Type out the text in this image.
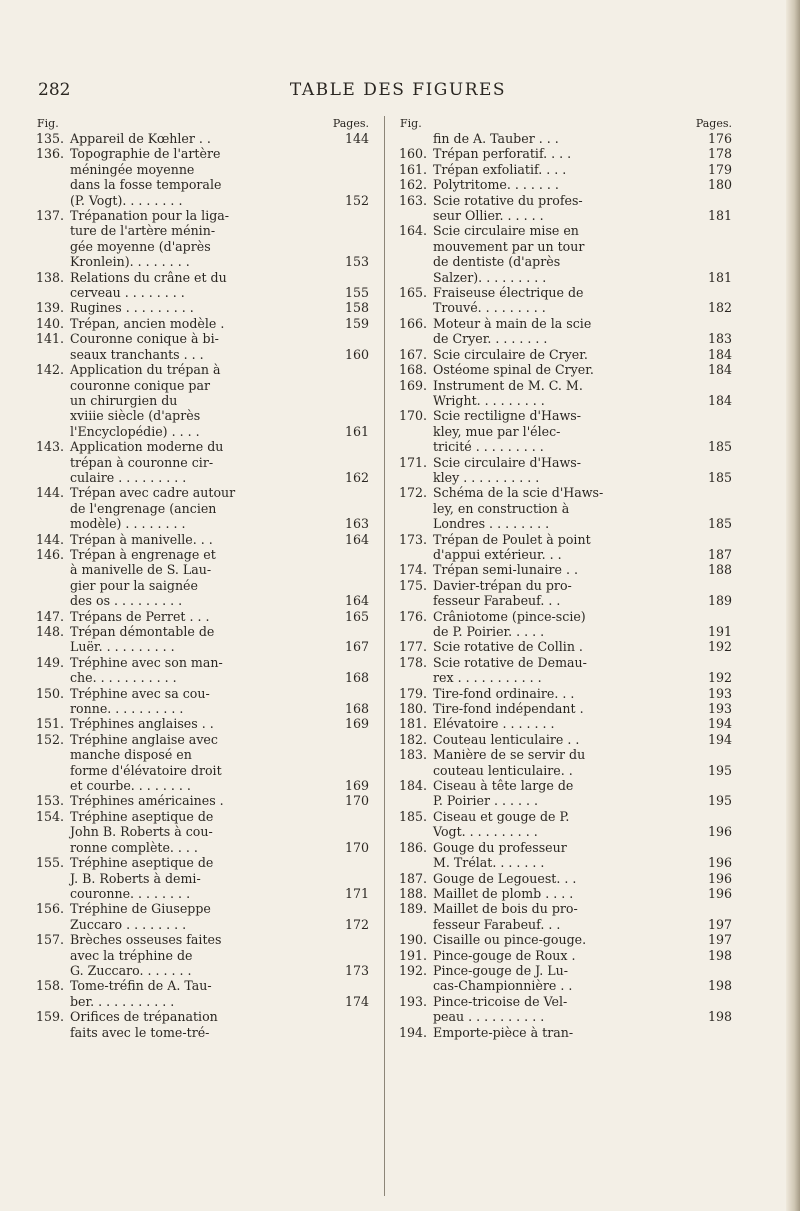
282	TABLE DES FIGURES
Fig.	Pages.
135. Appareil de Kœhler . .	144
136. Topographie de l'artère
méningée moyenne
dans la fosse temporale
(P. Vogt). . . . . . . .	152
137. Trépanation pour la liga-
ture de l'artère ménin-
gée moyenne (d'après
Kronlein). . . . . . . .	153
138. Relations du crâne et du
cerveau . . . . . . . .	155
139. Rugines . . . . . . . . .	158
140. Trépan, ancien modèle .	159
141. Couronne conique à bi-
seaux tranchants . . .	160
142. Application du trépan à
couronne conique par
un chirurgien du
xviiie siècle (d'après
l'Encyclopédie) . . . .	161
143. Application moderne du
trépan à couronne cir-
culaire . . . . . . . . .	162
144. Trépan avec cadre autour
de l'engrenage (ancien
modèle) . . . . . . . .	163
144. Trépan à manivelle. . .	164
146. Trépan à engrenage et
à manivelle de S. Lau-
gier pour la saignée
des os . . . . . . . . .	164
147. Trépans de Perret . . .	165
148. Trépan démontable de
Luër. . . . . . . . . .	167
149. Tréphine avec son man-
che. . . . . . . . . . .	168
150. Tréphine avec sa cou-
ronne. . . . . . . . . .	168
151. Tréphines anglaises . .	169
152. Tréphine anglaise avec
manche disposé en
forme d'élévatoire droit
et courbe. . . . . . . .	169
153. Tréphines américaines .	170
154. Tréphine aseptique de
John B. Roberts à cou-
ronne complète. . . .	170
155. Tréphine aseptique de
J. B. Roberts à demi-
couronne. . . . . . . .	171
156. Tréphine de Giuseppe
Zuccaro . . . . . . . .	172
157. Brèches osseuses faites
avec la tréphine de
G. Zuccaro. . . . . . .	173
158. Tome-tréfin de A. Tau-
ber. . . . . . . . . . .	174
159. Orifices de trépanation
faits avec le tome-tré-
Fig.	Pages.
fin de A. Tauber . . .	176
160. Trépan perforatif. . . .	178
161. Trépan exfoliatif. . . .	179
162. Polytritome. . . . . . .	180
163. Scie rotative du profes-
seur Ollier. . . . . .	181
164. Scie circulaire mise en
mouvement par un tour
de dentiste (d'après
Salzer). . . . . . . . .	181
165. Fraiseuse électrique de
Trouvé. . . . . . . . .	182
166. Moteur à main de la scie
de Cryer. . . . . . . .	183
167. Scie circulaire de Cryer.	184
168. Ostéome spinal de Cryer.	184
169. Instrument de M. C. M.
Wright. . . . . . . . .	184
170. Scie rectiligne d'Haws-
kley, mue par l'élec-
tricité . . . . . . . . .	185
171. Scie circulaire d'Haws-
kley . . . . . . . . . .	185
172. Schéma de la scie d'Haws-
ley, en construction à
Londres . . . . . . . .	185
173. Trépan de Poulet à point
d'appui extérieur. . .	187
174. Trépan semi-lunaire . .	188
175. Davier-trépan du pro-
fesseur Farabeuf. . .	189
176. Crâniotome (pince-scie)
de P. Poirier. . . . .	191
177. Scie rotative de Collin .	192
178. Scie rotative de Demau-
rex . . . . . . . . . . .	192
179. Tire-fond ordinaire. . .	193
180. Tire-fond indépendant .	193
181. Elévatoire . . . . . . .	194
182. Couteau lenticulaire . .	194
183. Manière de se servir du
couteau lenticulaire. .	195
184. Ciseau à tête large de
P. Poirier . . . . . .	195
185. Ciseau et gouge de P.
Vogt. . . . . . . . . .	196
186. Gouge du professeur
M. Trélat. . . . . . .	196
187. Gouge de Legouest. . .	196
188. Maillet de plomb . . . .	196
189. Maillet de bois du pro-
fesseur Farabeuf. . .	197
190. Cisaille ou pince-gouge.	197
191. Pince-gouge de Roux .	198
192. Pince-gouge de J. Lu-
cas-Championnière . .	198
193. Pince-tricoise de Vel-
peau . . . . . . . . . .	198
194. Emporte-pièce à tran-
